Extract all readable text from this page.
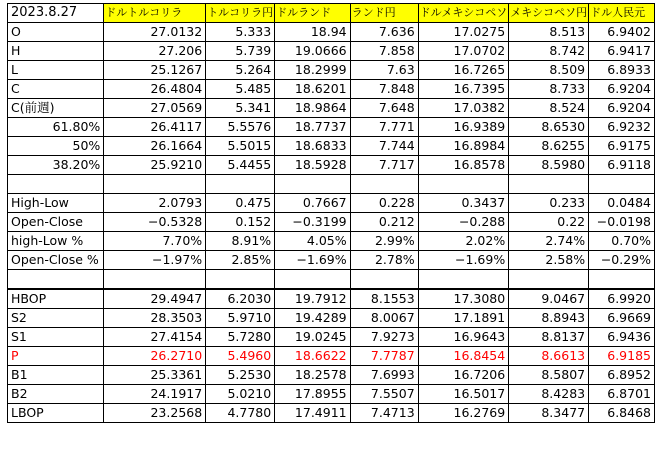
2023.8.27	ドルトルコリラ	トルコリラ円	ドルランド	ランド円	ドルメキシコペソ	メキシコペソ円	ドル人民元
O	27.0132	5.333	18.94	7.636	17.0275	8.513	6.9402
H	27.206	5.739	19.0666	7.858	17.0702	8.742	6.9417
L	25.1267	5.264	18.2999	7.63	16.7265	8.509	6.8933
C	26.4804	5.485	18.6201	7.848	16.7395	8.733	6.9204
C(前週)	27.0569	5.341	18.9864	7.648	17.0382	8.524	6.9204
61.80%	26.4117	5.5576	18.7737	7.771	16.9389	8.6530	6.9232
50%	26.1664	5.5015	18.6833	7.744	16.8984	8.6255	6.9175
38.20%	25.9210	5.4455	18.5928	7.717	16.8578	8.5980	6.9118

High-Low	2.0793	0.475	0.7667	0.228	0.3437	0.233	0.0484
Open-Close	−0.5328	0.152	−0.3199	0.212	−0.288	0.22	−0.0198
high-Low %	7.70%	8.91%	4.05%	2.99%	2.02%	2.74%	0.70%
Open-Close %	−1.97%	2.85%	−1.69%	2.78%	−1.69%	2.58%	−0.29%

HBOP	29.4947	6.2030	19.7912	8.1553	17.3080	9.0467	6.9920
S2	28.3503	5.9710	19.4289	8.0067	17.1891	8.8943	6.9669
S1	27.4154	5.7280	19.0245	7.9273	16.9643	8.8137	6.9436
P	26.2710	5.4960	18.6622	7.7787	16.8454	8.6613	6.9185
B1	25.3361	5.2530	18.2578	7.6993	16.7206	8.5807	6.8952
B2	24.1917	5.0210	17.8955	7.5507	16.5017	8.4283	6.8701
LBOP	23.2568	4.7780	17.4911	7.4713	16.2769	8.3477	6.8468
